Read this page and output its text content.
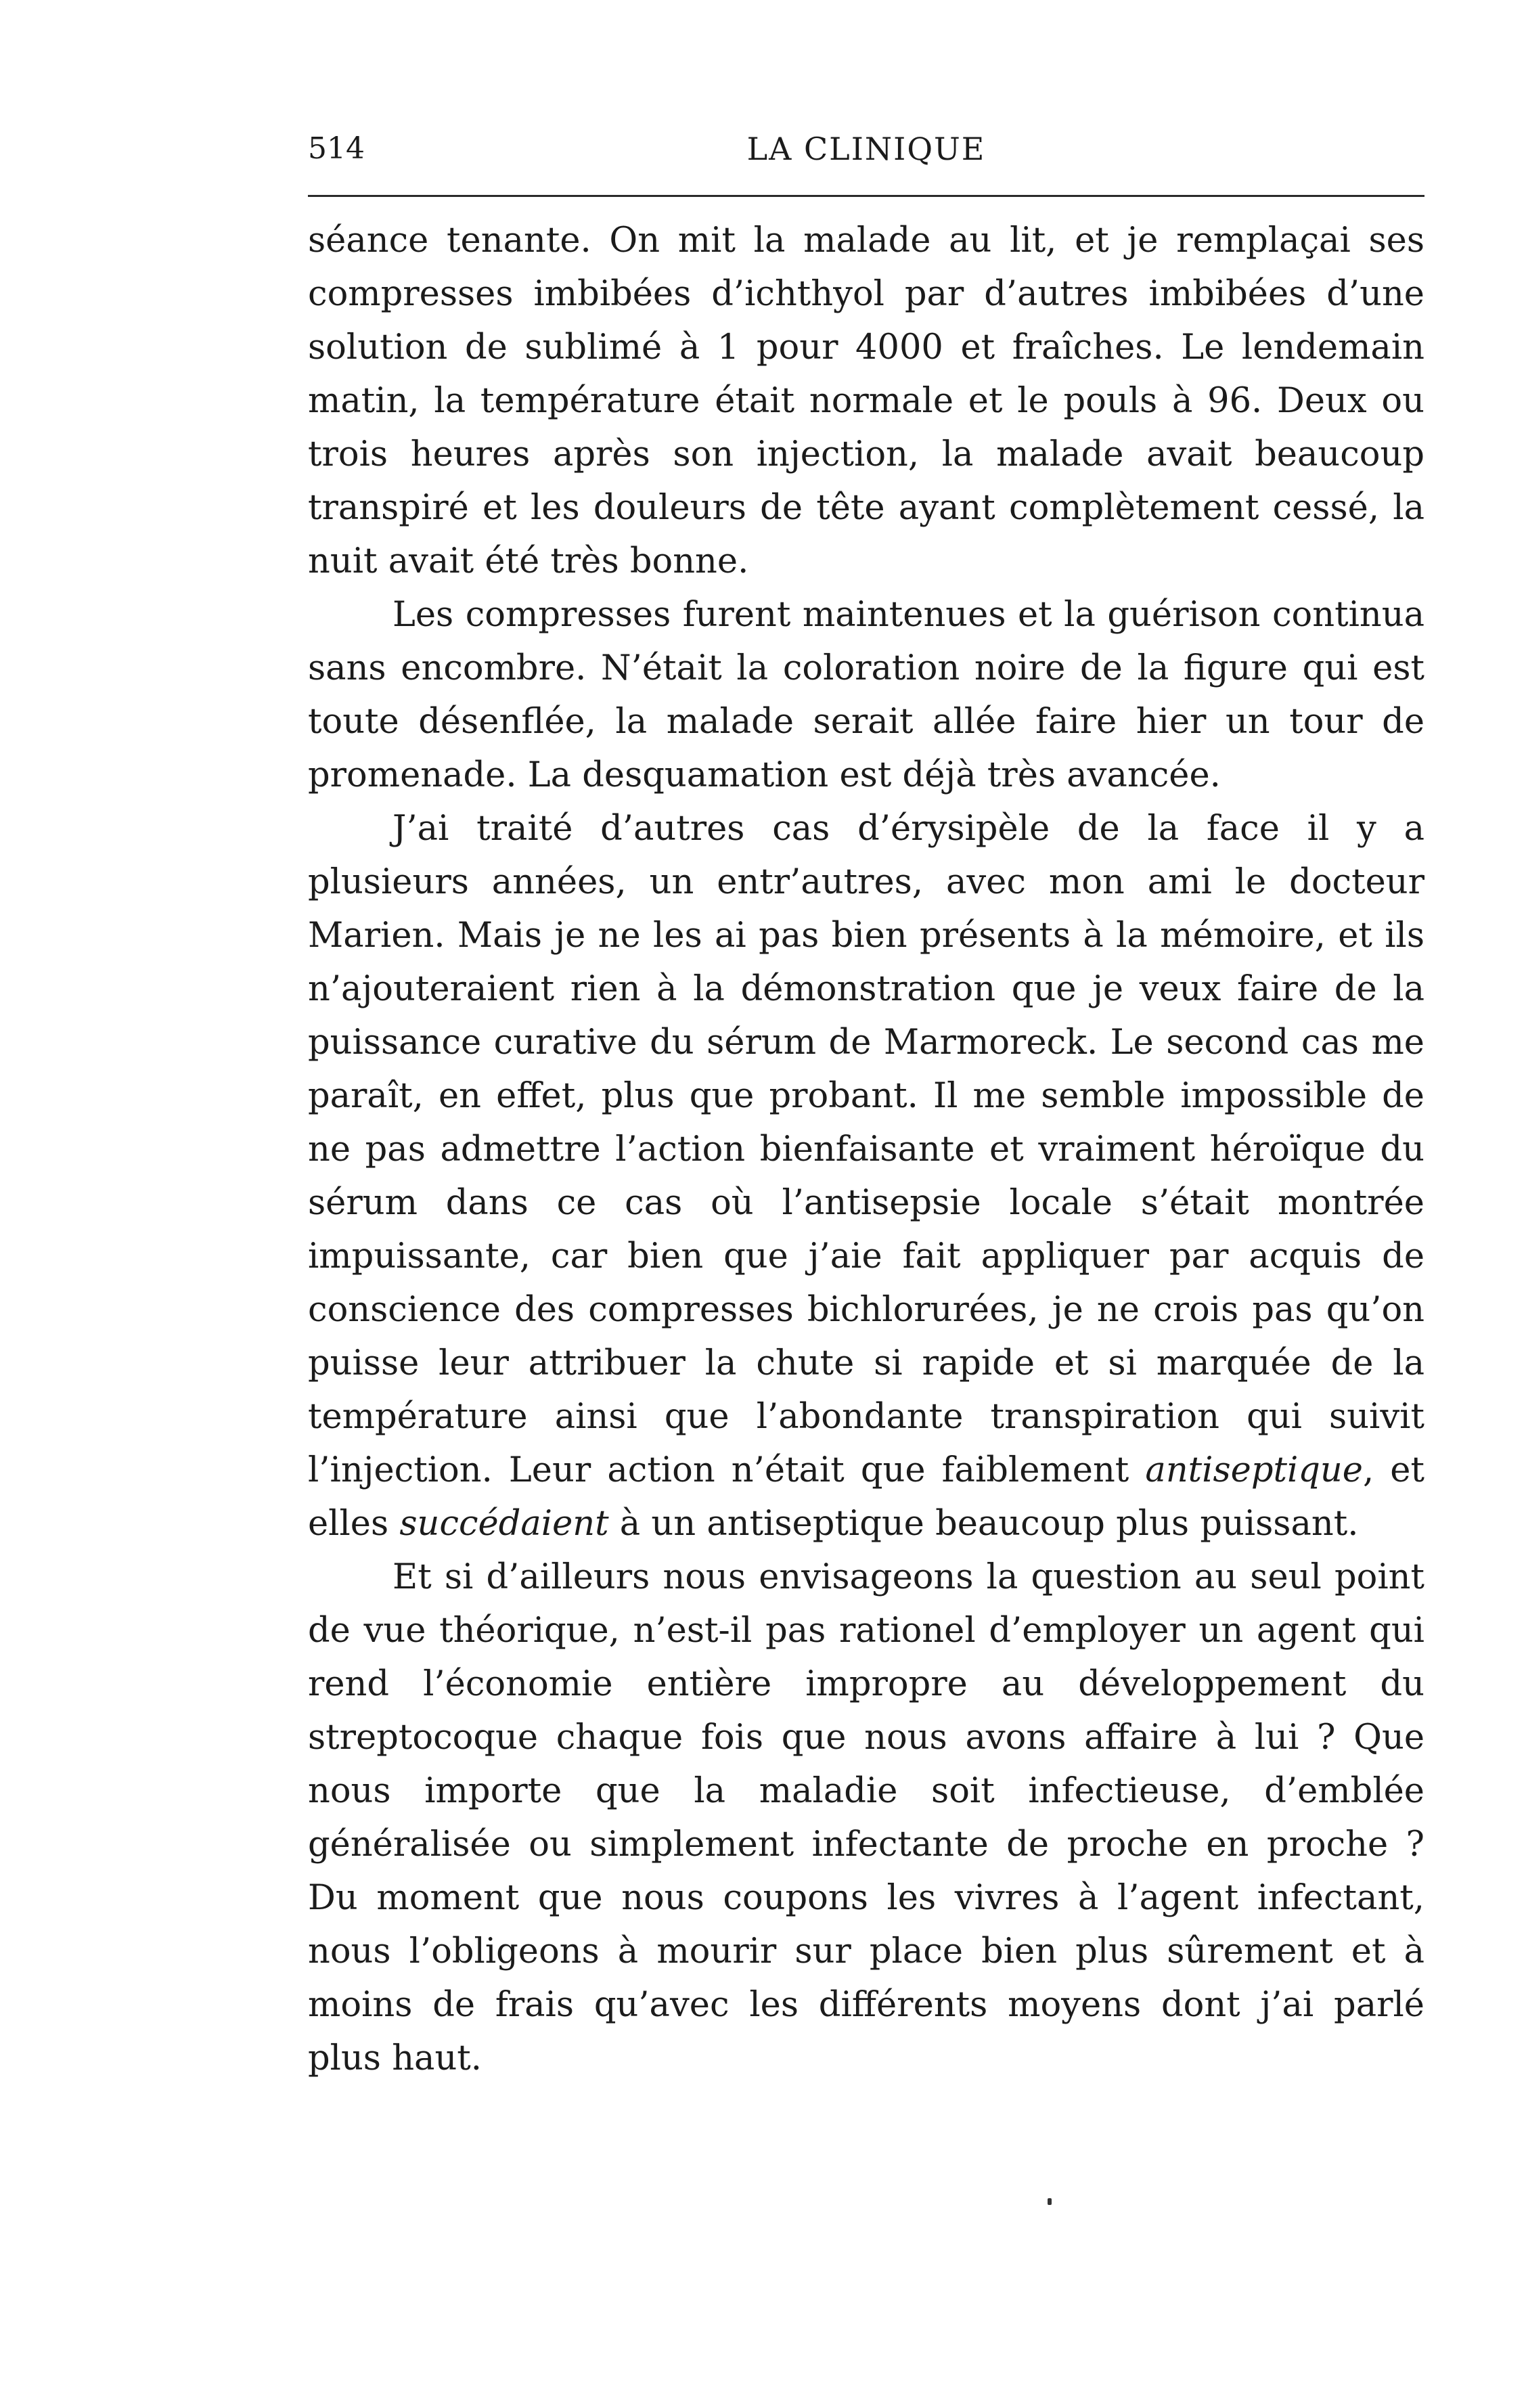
514	LA CLINIQUE

séance tenante. On mit la malade au lit, et je remplaçai ses compresses imbibées d’ichthyol par d’autres imbibées d’une solution de sublimé à 1 pour 4000 et fraîches. Le lendemain matin, la température était normale et le pouls à 96. Deux ou trois heures après son injection, la malade avait beaucoup transpiré et les douleurs de tête ayant complètement cessé, la nuit avait été très bonne.

Les compresses furent maintenues et la guérison continua sans encombre. N’était la coloration noire de la figure qui est toute désenflée, la malade serait allée faire hier un tour de promenade. La desquamation est déjà très avancée.

J’ai traité d’autres cas d’érysipèle de la face il y a plusieurs années, un entr’autres, avec mon ami le docteur Marien. Mais je ne les ai pas bien présents à la mémoire, et ils n’ajouteraient rien à la démonstration que je veux faire de la puissance curative du sérum de Marmoreck. Le second cas me paraît, en effet, plus que probant. Il me semble impossible de ne pas admettre l’action bienfaisante et vraiment héroïque du sérum dans ce cas où l’antisepsie locale s’était montrée impuissante, car bien que j’aie fait appliquer par acquis de conscience des compresses bichlorurées, je ne crois pas qu’on puisse leur attribuer la chute si rapide et si marquée de la température ainsi que l’abondante transpiration qui suivit l’injection. Leur action n’était que faiblement antiseptique, et elles succédaient à un antiseptique beaucoup plus puissant.

Et si d’ailleurs nous envisageons la question au seul point de vue théorique, n’est-il pas rationel d’employer un agent qui rend l’économie entière impropre au développement du streptocoque chaque fois que nous avons affaire à lui ? Que nous importe que la maladie soit infectieuse, d’emblée généralisée ou simplement infectante de proche en proche ? Du moment que nous coupons les vivres à l’agent infectant, nous l’obligeons à mourir sur place bien plus sûrement et à moins de frais qu’avec les différents moyens dont j’ai parlé plus haut.
